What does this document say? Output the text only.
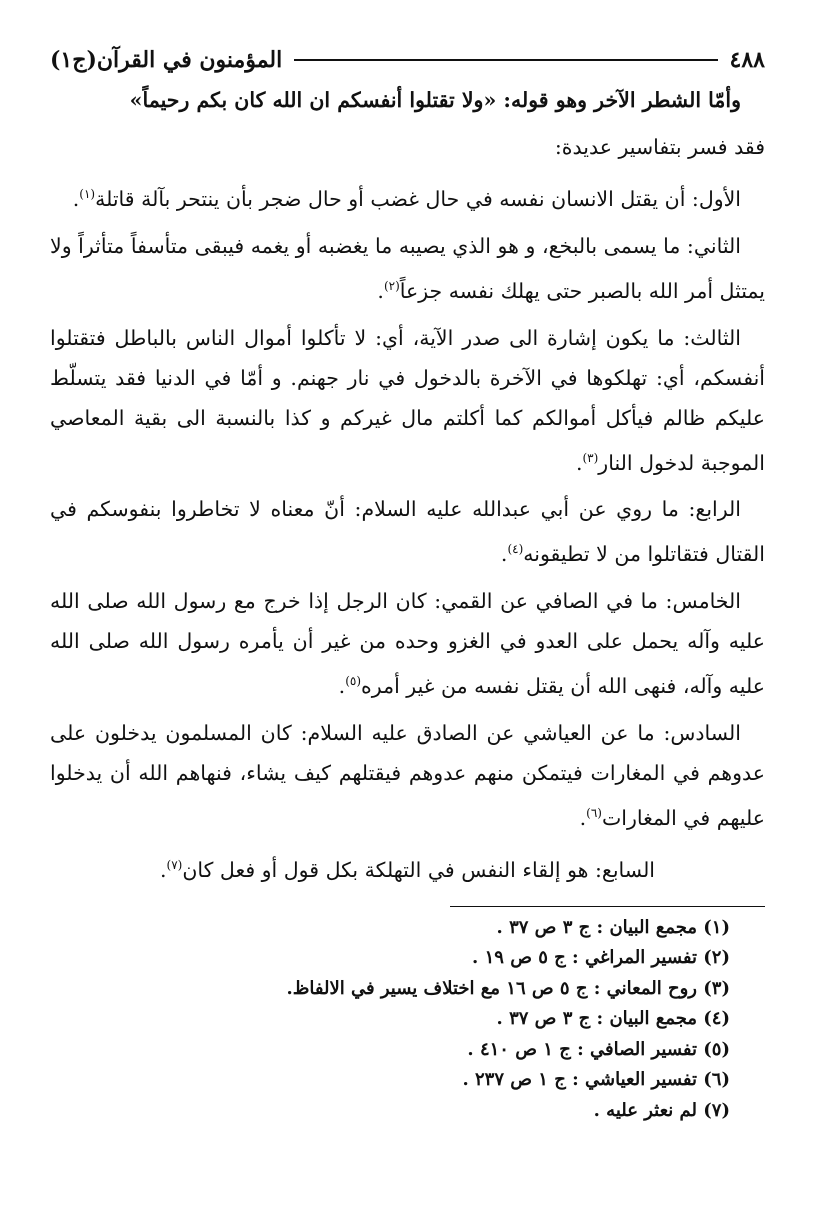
٤٨٨
المؤمنون في القرآن(ج١)

وأمّا الشطر الآخر وهو قوله: «ولا تقتلوا أنفسكم ان الله كان بكم رحيماً»

فقد فسر بتفاسير عديدة:

الأول: أن يقتل الانسان نفسه في حال غضب أو حال ضجر بأن ينتحر بآلة قاتلة$^{(١)}$.

الثاني: ما يسمى بالبخع، و هو الذي يصيبه ما يغضبه أو يغمه فيبقى متأسفاً متأثراً ولا يمتثل أمر الله بالصبر حتى يهلك نفسه جزعاً$^{(٢)}$.

الثالث: ما يكون إشارة الى صدر الآية، أي: لا تأكلوا أموال الناس بالباطل فتقتلوا أنفسكم، أي: تهلكوها في الآخرة بالدخول في نار جهنم. و أمّا في الدنيا فقد يتسلّط عليكم ظالم فيأكل أموالكم كما أكلتم مال غيركم و كذا بالنسبة الى بقية المعاصي الموجبة لدخول النار$^{(٣)}$.

الرابع: ما روي عن أبي عبدالله عليه السلام: أنّ معناه لا تخاطروا بنفوسكم في القتال فتقاتلوا من لا تطيقونه$^{(٤)}$.

الخامس: ما في الصافي عن القمي: كان الرجل إذا خرج مع رسول الله صلى الله عليه وآله يحمل على العدو في الغزو وحده من غير أن يأمره رسول الله صلى الله عليه وآله، فنهى الله أن يقتل نفسه من غير أمره$^{(٥)}$.

السادس: ما عن العياشي عن الصادق عليه السلام: كان المسلمون يدخلون على عدوهم في المغارات فيتمكن منهم عدوهم فيقتلهم كيف يشاء، فنهاهم الله أن يدخلوا عليهم في المغارات$^{(٦)}$.

السابع: هو إلقاء النفس في التهلكة بكل قول أو فعل كان$^{(٧)}$.

(١) مجمع البيان : ج ٣ ص ٣٧ .
(٢) تفسير المراغي : ج ٥ ص ١٩ .
(٣) روح المعاني : ج ٥ ص ١٦ مع اختلاف يسير في الالفاظ.
(٤) مجمع البيان : ج ٣ ص ٣٧ .
(٥) تفسير الصافي : ج ١ ص ٤١٠ .
(٦) تفسير العياشي : ج ١ ص ٢٣٧ .
(٧) لم نعثر عليه .
